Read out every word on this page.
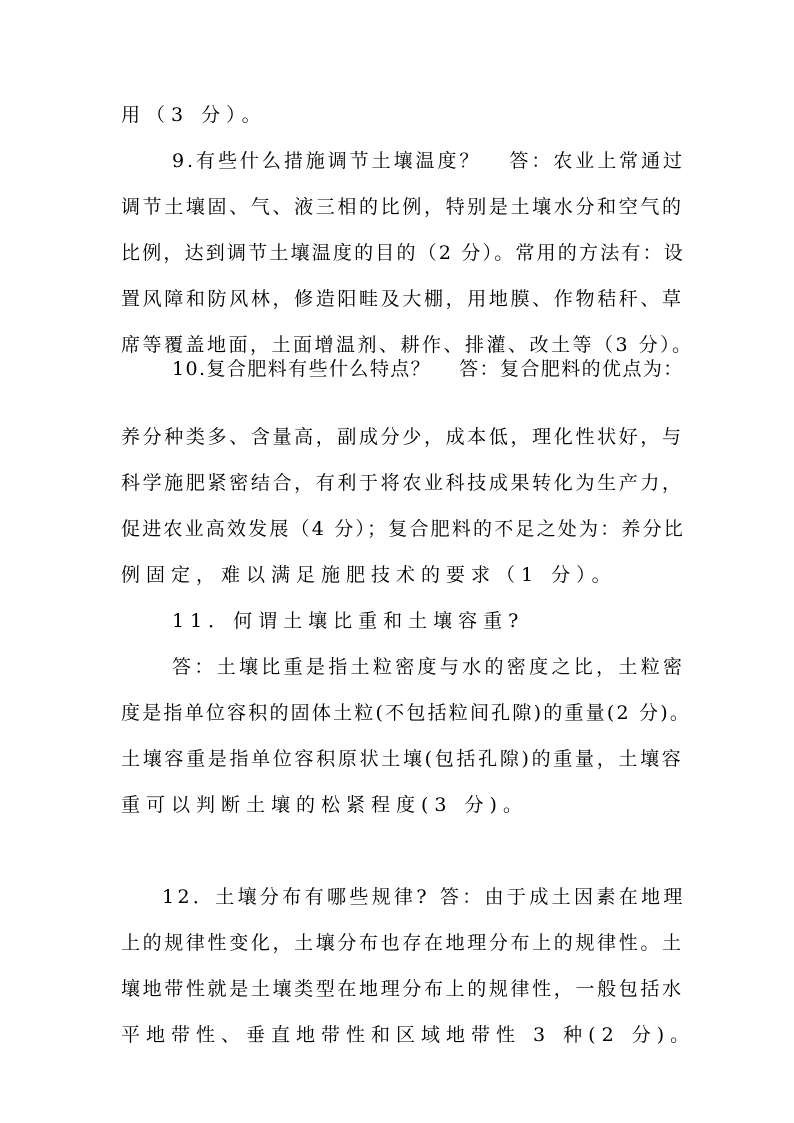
用（3 分）。
9.有些什么措施调节土壤温度？ 答：农业上常通过
调节土壤固、气、液三相的比例，特别是土壤水分和空气的
比例，达到调节土壤温度的目的（2 分）。常用的方法有：设
置风障和防风林，修造阳畦及大棚，用地膜、作物秸秆、草
席等覆盖地面，土面增温剂、耕作、排灌、改土等（3 分）。
10.复合肥料有些什么特点？ 答：复合肥料的优点为：
养分种类多、含量高，副成分少，成本低，理化性状好，与
科学施肥紧密结合，有利于将农业科技成果转化为生产力，
促进农业高效发展（4 分）；复合肥料的不足之处为：养分比
例固定，难以满足施肥技术的要求（1 分）。
11．何谓土壤比重和土壤容重?
答：土壤比重是指土粒密度与水的密度之比，土粒密
度是指单位容积的固体土粒(不包括粒间孔隙)的重量(2 分)。
土壤容重是指单位容积原状土壤(包括孔隙)的重量，土壤容
重可以判断土壤的松紧程度(3 分)。
12．土壤分布有哪些规律? 答：由于成土因素在地理
上的规律性变化，土壤分布也存在地理分布上的规律性。土
壤地带性就是土壤类型在地理分布上的规律性，一般包括水
平地带性、垂直地带性和区域地带性 3 种(2 分)。
